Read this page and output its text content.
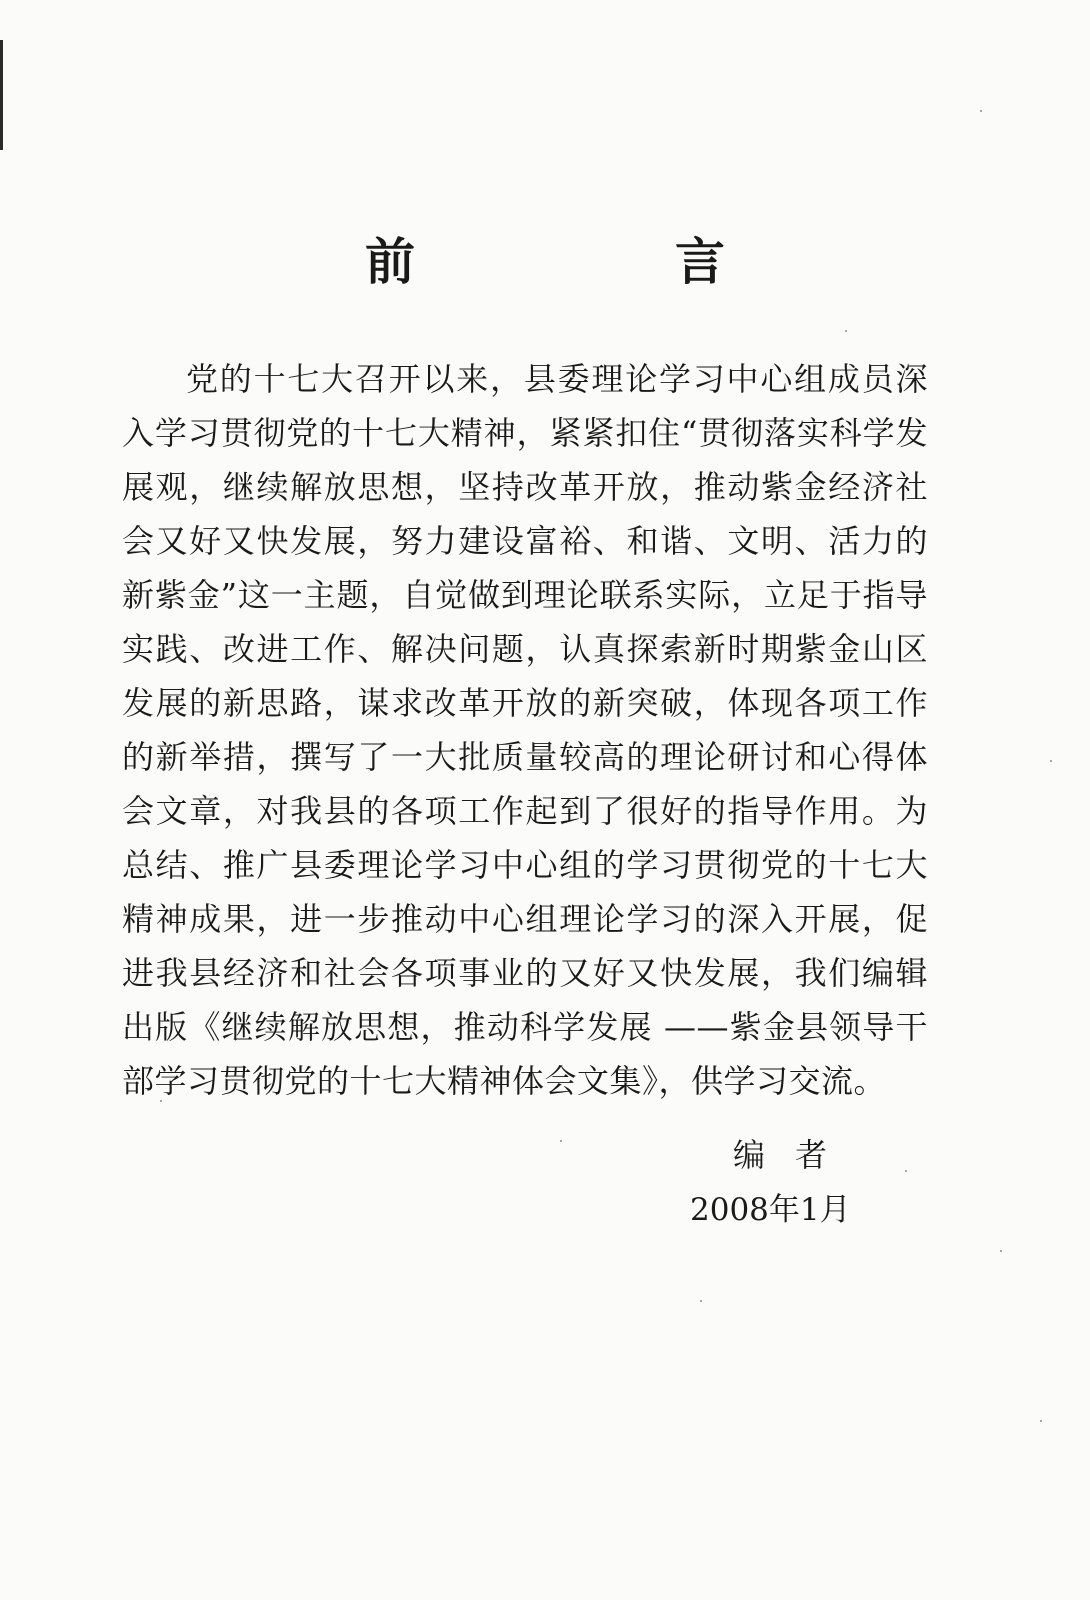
前　言

党的十七大召开以来，县委理论学习中心组成员深入学习贯彻党的十七大精神，紧紧扣住“贯彻落实科学发展观，继续解放思想，坚持改革开放，推动紫金经济社会又好又快发展，努力建设富裕、和谐、文明、活力的新紫金”这一主题，自觉做到理论联系实际，立足于指导实践、改进工作、解决问题，认真探索新时期紫金山区发展的新思路，谋求改革开放的新突破，体现各项工作的新举措，撰写了一大批质量较高的理论研讨和心得体会文章，对我县的各项工作起到了很好的指导作用。为总结、推广县委理论学习中心组的学习贯彻党的十七大精神成果，进一步推动中心组理论学习的深入开展，促进我县经济和社会各项事业的又好又快发展，我们编辑出版《继续解放思想，推动科学发展 ——紫金县领导干部学习贯彻党的十七大精神体会文集》，供学习交流。

编者

2008年1月
